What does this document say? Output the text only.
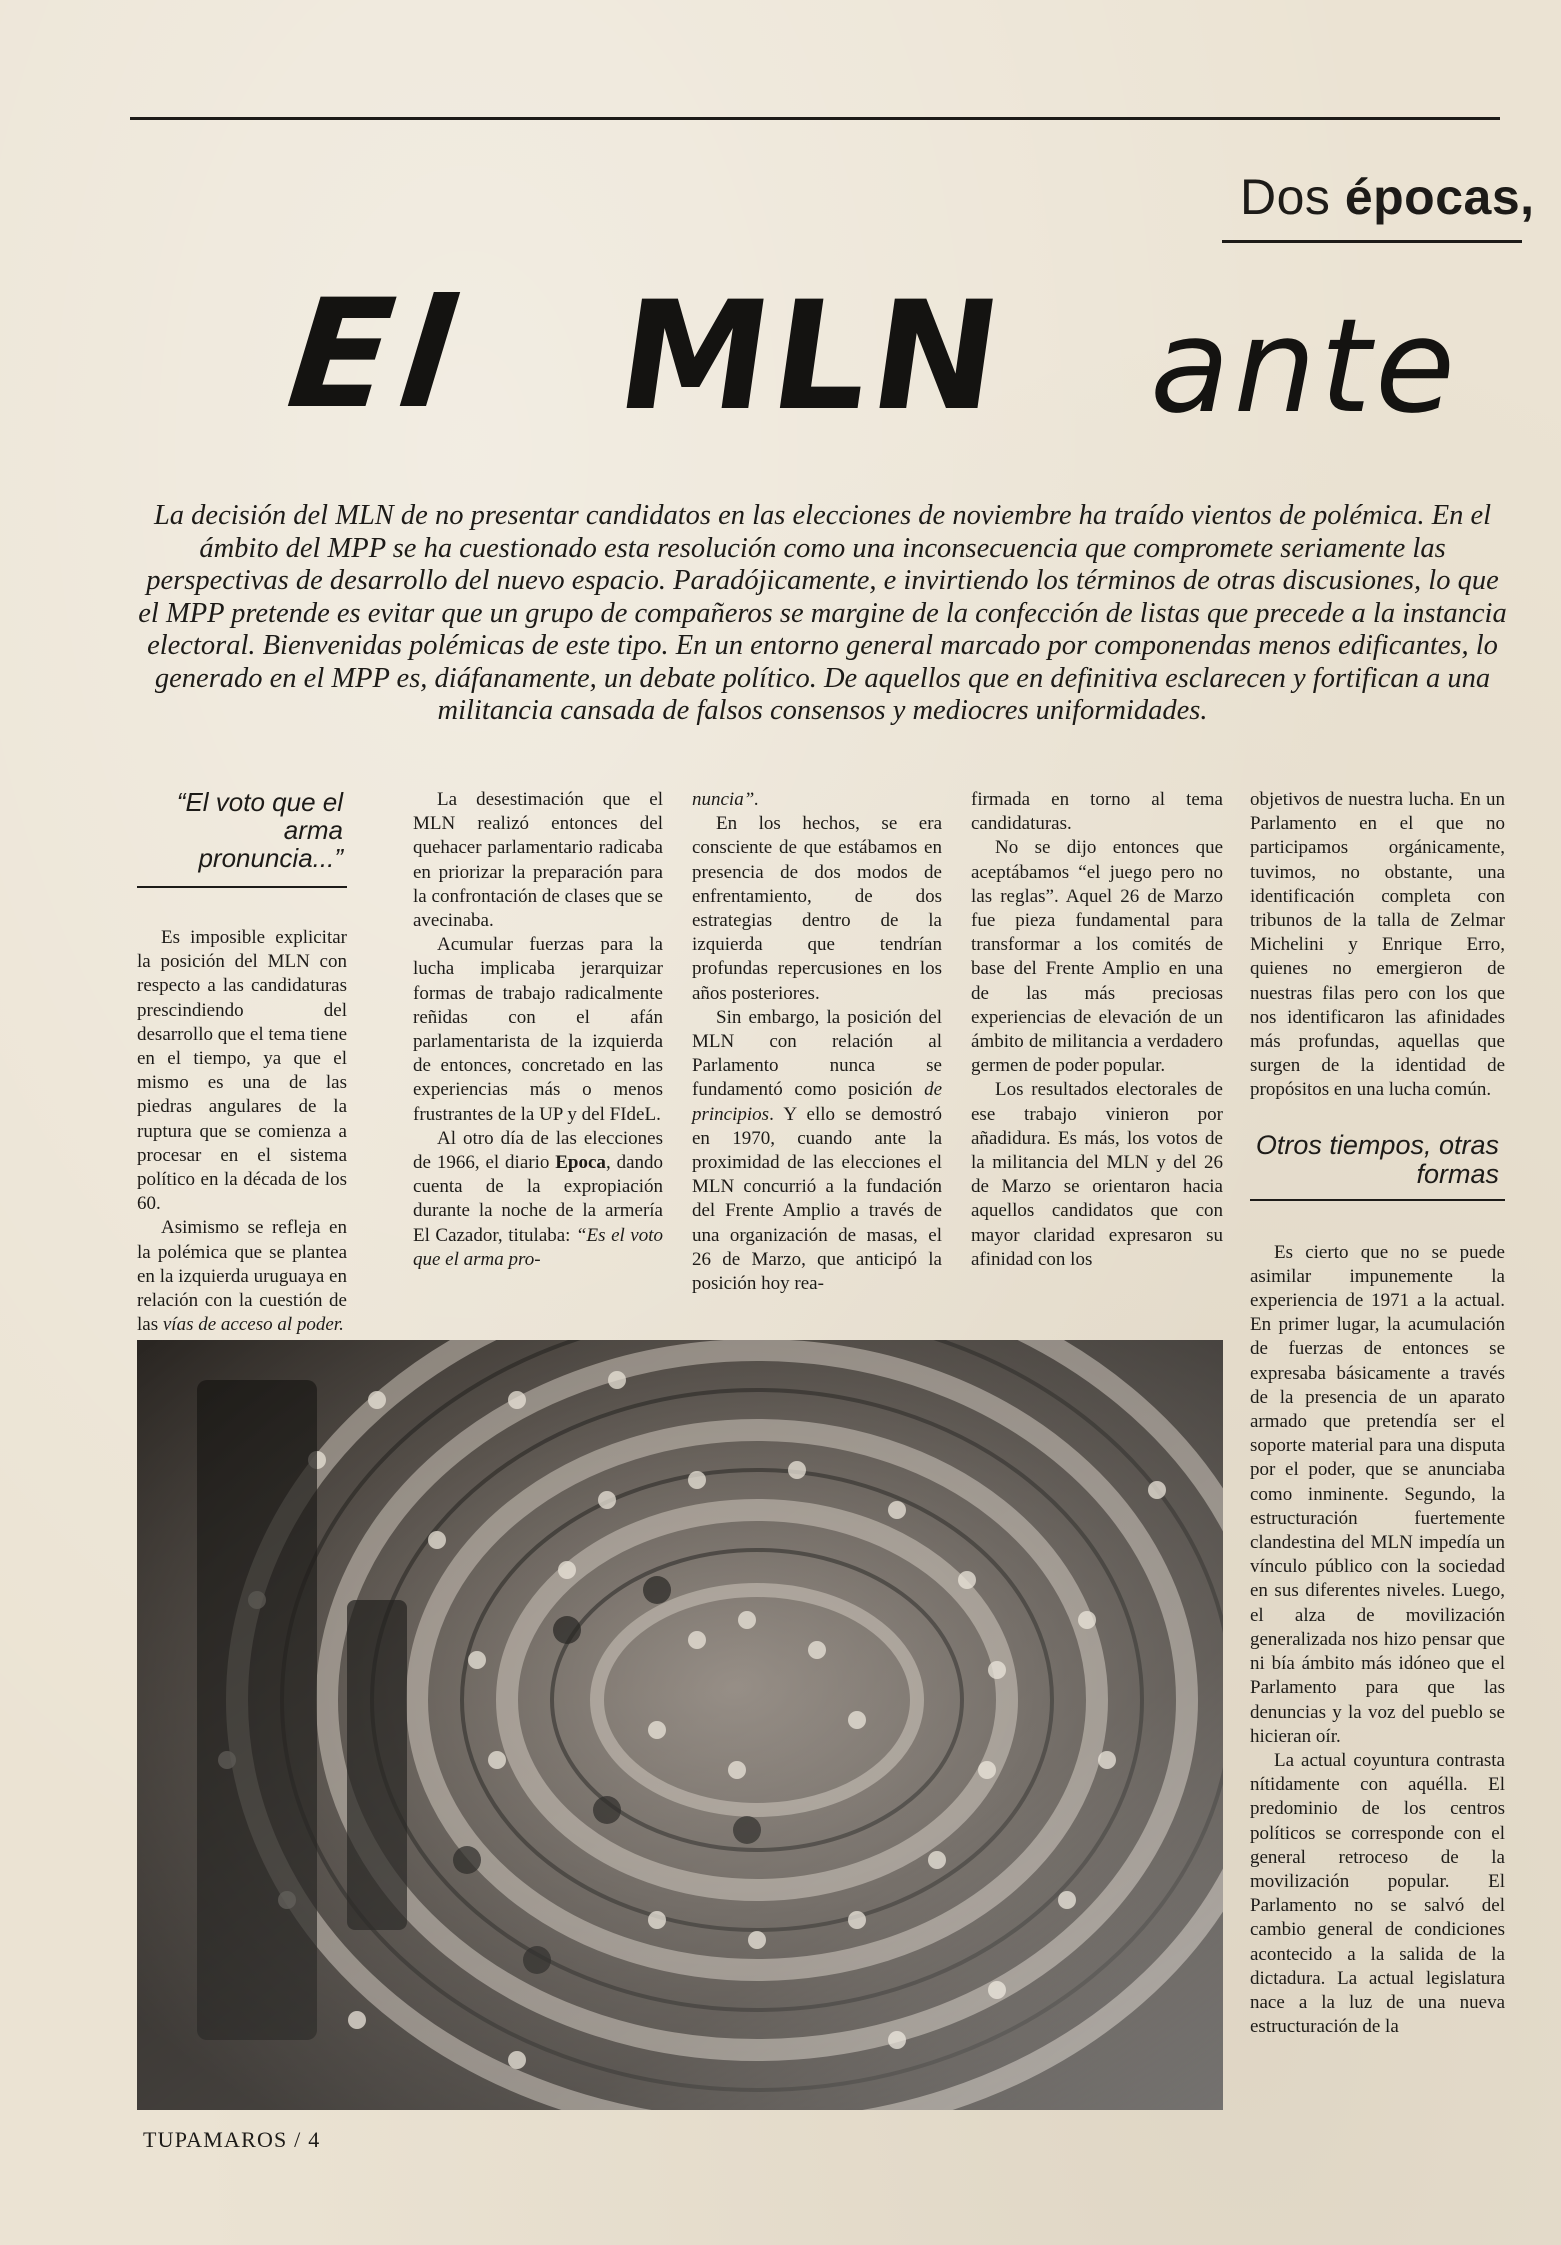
Dos épocas,
El MLN ante
La decisión del MLN de no presentar candidatos en las elecciones de noviembre ha traído vientos de polémica. En el ámbito del MPP se ha cuestionado esta resolución como una inconsecuencia que compromete seriamente las perspectivas de desarrollo del nuevo espacio. Paradójicamente, e invirtiendo los términos de otras discusiones, lo que el MPP pretende es evitar que un grupo de compañeros se margine de la confección de listas que precede a la instancia electoral. Bienvenidas polémicas de este tipo. En un entorno general marcado por componendas menos edificantes, lo generado en el MPP es, diáfanamente, un debate político. De aquellos que en definitiva esclarecen y fortifican a una militancia cansada de falsos consensos y mediocres uniformidades.
“El voto que el arma pronuncia...”

Es imposible explicitar la posición del MLN con respecto a las candidaturas prescindiendo del desarrollo que el tema tiene en el tiempo, ya que el mismo es una de las piedras angulares de la ruptura que se comienza a procesar en el sistema político en la década de los 60.

Asimismo se refleja en la polémica que se plantea en la izquierda uruguaya en relación con la cuestión de las vías de acceso al poder.

La desestimación que el MLN realizó entonces del quehacer parlamentario radicaba en priorizar la preparación para la confrontación de clases que se avecinaba.

Acumular fuerzas para la lucha implicaba jerarquizar formas de trabajo radicalmente reñidas con el afán parlamentarista de la izquierda de entonces, concretado en las experiencias más o menos frustrantes de la UP y del FIdeL.

Al otro día de las elecciones de 1966, el diario Epoca, dando cuenta de la expropiación durante la noche de la armería El Cazador, titulaba: “Es el voto que el arma pro-

nuncia”.

En los hechos, se era consciente de que estábamos en presencia de dos modos de enfrentamiento, de dos estrategias dentro de la izquierda que tendrían profundas repercusiones en los años posteriores.

Sin embargo, la posición del MLN con relación al Parlamento nunca se fundamentó como posición de principios. Y ello se demostró en 1970, cuando ante la proximidad de las elecciones el MLN concurrió a la fundación del Frente Amplio a través de una organización de masas, el 26 de Marzo, que anticipó la posición hoy rea-

firmada en torno al tema candidaturas.

No se dijo entonces que aceptábamos “el juego pero no las reglas”. Aquel 26 de Marzo fue pieza fundamental para transformar a los comités de base del Frente Amplio en una de las más preciosas experiencias de elevación de un ámbito de militancia a verdadero germen de poder popular.

Los resultados electorales de ese trabajo vinieron por añadidura. Es más, los votos de la militancia del MLN y del 26 de Marzo se orientaron hacia aquellos candidatos que con mayor claridad expresaron su afinidad con los

objetivos de nuestra lucha. En un Parlamento en el que no participamos orgánicamente, tuvimos, no obstante, una identificación completa con tribunos de la talla de Zelmar Michelini y Enrique Erro, quienes no emergieron de nuestras filas pero con los que nos identificaron las afinidades más profundas, aquellas que surgen de la identidad de propósitos en una lucha común.

Otros tiempos, otras formas

Es cierto que no se puede asimilar impunemente la experiencia de 1971 a la actual. En primer lugar, la acumulación de fuerzas de entonces se expresaba básicamente a través de la presencia de un aparato armado que pretendía ser el soporte material para una disputa por el poder, que se anunciaba como inminente. Segundo, la estructuración fuertemente clandestina del MLN impedía un vínculo público con la sociedad en sus diferentes niveles. Luego, el alza de movilización generalizada nos hizo pensar que ni bía ámbito más idóneo que el Parlamento para que las denuncias y la voz del pueblo se hicieran oír.

La actual coyuntura contrasta nítidamente con aquélla. El predominio de los centros políticos se corresponde con el general retroceso de la movilización popular. El Parlamento no se salvó del cambio general de condiciones acontecido a la salida de la dictadura. La actual legislatura nace a la luz de una nueva estructuración de la

TUPAMAROS / 4
